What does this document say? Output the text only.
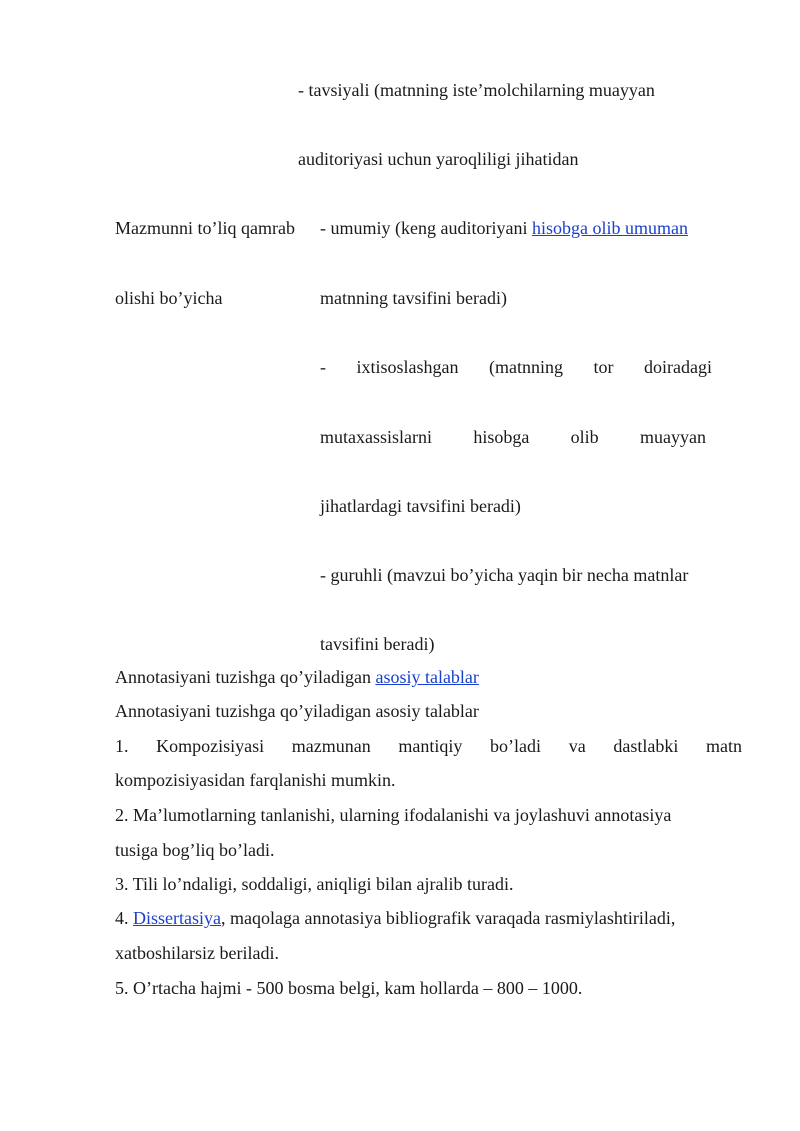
- tavsiyali (matnning iste’molchilarning muayyan
auditoriyasi uchun yaroqliligi jihatidan
Mazmunni to’liq qamrab
olishi bo’yicha
- umumiy (keng auditoriyani hisobga olib umuman
matnning tavsifini beradi)
- ixtisoslashgan (matnning tor doiradagi
mutaxassislarni hisobga olib muayyan
jihatlardagi tavsifini beradi)
- guruhli (mavzui bo’yicha yaqin bir necha matnlar
tavsifini beradi)
Annotasiyani tuzishga qo’yiladigan asosiy talablar
Annotasiyani tuzishga qo’yiladigan asosiy talablar
1. Kompozisiyasi mazmunan mantiqiy bo’ladi va dastlabki matn
kompozisiyasidan farqlanishi mumkin.
2. Ma’lumotlarning tanlanishi, ularning ifodalanishi va joylashuvi annotasiya
tusiga bog’liq bo’ladi.
3. Tili lo’ndaligi, soddaligi, aniqligi bilan ajralib turadi.
4. Dissertasiya, maqolaga annotasiya bibliografik varaqada rasmiylashtiriladi,
xatboshilarsiz beriladi.
5. O’rtacha hajmi - 500 bosma belgi, kam hollarda – 800 – 1000.
